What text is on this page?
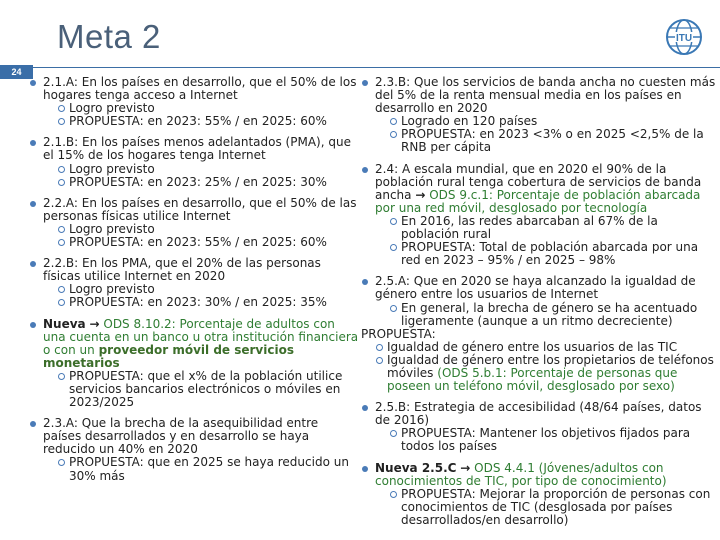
Meta 2	ITU
24
2.1.A: En los países en desarrollo, que el 50% de los hogares tenga acceso a Internet
Logro previsto
PROPUESTA: en 2023: 55% / en 2025: 60%
2.1.B: En los países menos adelantados (PMA), que el 15% de los hogares tenga Internet
Logro previsto
PROPUESTA: en 2023: 25% / en 2025: 30%
2.2.A: En los países en desarrollo, que el 50% de las personas físicas utilice Internet
Logro previsto
PROPUESTA: en 2023: 55% / en 2025: 60%
2.2.B: En los PMA, que el 20% de las personas físicas utilice Internet en 2020
Logro previsto
PROPUESTA: en 2023: 30% / en 2025: 35%
Nueva → ODS 8.10.2: Porcentaje de adultos con una cuenta en un banco u otra institución financiera o con un proveedor móvil de servicios monetarios
PROPUESTA: que el x% de la población utilice servicios bancarios electrónicos o móviles en 2023/2025
2.3.A: Que la brecha de la asequibilidad entre países desarrollados y en desarrollo se haya reducido un 40% en 2020
PROPUESTA: que en 2025 se haya reducido un 30% más
2.3.B: Que los servicios de banda ancha no cuesten más del 5% de la renta mensual media en los países en desarrollo en 2020
Logrado en 120 países
PROPUESTA: en 2023 <3% o en 2025 <2,5% de la RNB per cápita
2.4: A escala mundial, que en 2020 el 90% de la población rural tenga cobertura de servicios de banda ancha → ODS 9.c.1: Porcentaje de población abarcada por una red móvil, desglosado por tecnología
En 2016, las redes abarcaban al 67% de la población rural
PROPUESTA: Total de población abarcada por una red en 2023 – 95% / en 2025 – 98%
2.5.A: Que en 2020 se haya alcanzado la igualdad de género entre los usuarios de Internet
En general, la brecha de género se ha acentuado ligeramente (aunque a un ritmo decreciente)
PROPUESTA:
Igualdad de género entre los usuarios de las TIC
Igualdad de género entre los propietarios de teléfonos móviles (ODS 5.b.1: Porcentaje de personas que poseen un teléfono móvil, desglosado por sexo)
2.5.B: Estrategia de accesibilidad (48/64 países, datos de 2016)
PROPUESTA: Mantener los objetivos fijados para todos los países
Nueva 2.5.C → ODS 4.4.1 (Jóvenes/adultos con conocimientos de TIC, por tipo de conocimiento)
PROPUESTA: Mejorar la proporción de personas con conocimientos de TIC (desglosada por países desarrollados/en desarrollo)
